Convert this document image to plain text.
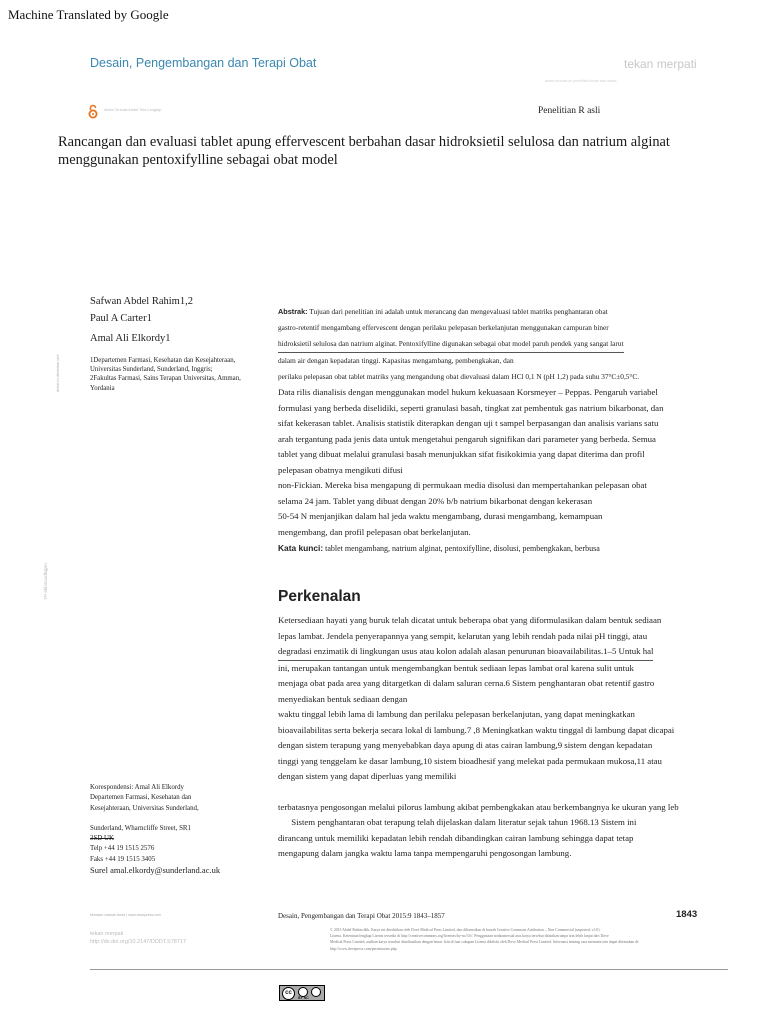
Machine Translated by Google
Desain, Pengembangan dan Terapi Obat	tekan merpati
akses terbuka ke penelitian ilmiah dan medis
Akses Terbuka Artikel Teks Lengkap	Penelitian R asli
Rancangan dan evaluasi tablet apung effervescent berbahan dasar hidroksietil selulosa dan natrium alginat menggunakan pentoxifylline sebagai obat model
Safwan Abdel Rahim1,2
Paul A Carter1
Amal Ali Elkordy1
1Departemen Farmasi, Kesehatan dan Kesejahteraan, Universitas Sunderland, Sunderland, Inggris;
2Fakultas Farmasi, Sains Terapan Universitas, Amman, Yordania
Artikel ini diterbitkan oleh
YP-ekbutuxdkqpm
Abstrak: Tujuan dari penelitian ini adalah untuk merancang dan mengevaluasi tablet matriks penghantaran obat
gastro-retentif mengambang effervescent dengan perilaku pelepasan berkelanjutan menggunakan campuran biner
hidroksietil selulosa dan natrium alginat. Pentoxifylline digunakan sebagai obat model paruh pendek yang sangat larut
dalam air dengan kepadatan tinggi. Kapasitas mengambang, pembengkakan, dan
perilaku pelepasan obat tablet matriks yang mengandung obat dievaluasi dalam HCl 0,1 N (pH 1,2) pada suhu 37°C±0,5°C.
Data rilis dianalisis dengan menggunakan model hukum kekuasaan Korsmeyer – Peppas. Pengaruh variabel
formulasi yang berbeda diselidiki, seperti granulasi basah, tingkat zat pembentuk gas natrium bikarbonat, dan
sifat kekerasan tablet. Analisis statistik diterapkan dengan uji t sampel berpasangan dan analisis varians satu
arah tergantung pada jenis data untuk mengetahui pengaruh signifikan dari parameter yang berbeda. Semua
tablet yang dibuat melalui granulasi basah menunjukkan sifat fisikokimia yang dapat diterima dan profil
pelepasan obatnya mengikuti difusi
non-Fickian. Mereka bisa mengapung di permukaan media disolusi dan mempertahankan pelepasan obat
selama 24 jam. Tablet yang dibuat dengan 20% b/b natrium bikarbonat dengan kekerasan
50-54 N menjanjikan dalam hal jeda waktu mengambang, durasi mengambang, kemampuan
mengembang, dan profil pelepasan obat berkelanjutan.
Kata kunci: tablet mengambang, natrium alginat, pentoxifylline, disolusi, pembengkakan, berbusa
Perkenalan
Ketersediaan hayati yang buruk telah dicatat untuk beberapa obat yang diformulasikan dalam bentuk sediaan
lepas lambat. Jendela penyerapannya yang sempit, kelarutan yang lebih rendah pada nilai pH tinggi, atau
degradasi enzimatik di lingkungan usus atau kolon adalah alasan penurunan bioavailabilitas.1–5 Untuk hal
ini, merupakan tantangan untuk mengembangkan bentuk sediaan lepas lambat oral karena sulit untuk
menjaga obat pada area yang ditargetkan di dalam saluran cerna.6 Sistem penghantaran obat retentif gastro
menyediakan bentuk sediaan dengan
waktu tinggal lebih lama di lambung dan perilaku pelepasan berkelanjutan, yang dapat meningkatkan
bioavailabilitas serta bekerja secara lokal di lambung.7 ,8 Meningkatkan waktu tinggal di lambung dapat dicapai
dengan sistem terapung yang menyebabkan daya apung di atas cairan lambung,9 sistem dengan kepadatan
tinggi yang tenggelam ke dasar lambung,10 sistem bioadhesif yang melekat pada permukaan mukosa,11 atau
dengan sistem yang dapat diperluas yang memiliki
terbatasnya pengosongan melalui pilorus lambung akibat pembengkakan atau berkembangnya ke ukuran yang leb
Sistem penghantaran obat terapung telah dijelaskan dalam literatur sejak tahun 1968.13 Sistem ini
dirancang untuk memiliki kepadatan lebih rendah dibandingkan cairan lambung sehingga dapat tetap
mengapung dalam jangka waktu lama tanpa mempengaruhi pengosongan lambung.
Korespondensi: Amal Ali Elkordy
Departemen Farmasi, Kesehatan dan
Kesejahteraan, Universitas Sunderland,
Sunderland, Wharncliffe Street, SR1
3SD UK
Telp +44 19 1515 2576
Faks +44 19 1515 3405
Surel amal.elkordy@sunderland.ac.uk
kirimkan naskah Anda | www.dovepress.com
tekan merpati
http://dx.doi.org/10.2147/DDDT.S78717
Desain, Pengembangan dan Terapi Obat 2015:9 1843–1857	1843
© 2015 Abdel Rahim dkk. Karya ini diterbitkan oleh Dove Medical Press Limited, dan dilisensikan di bawah Creative Commons Attribution – Non Commercial (unported, v3.0)
Lisensi. Ketentuan lengkap Lisensi tersedia di http://creativecommons.org/licenses/by-nc/3.0/. Penggunaan nonkomersial atas karya tersebut diizinkan tanpa izin lebih lanjut dari Dove
Medical Press Limited, asalkan karya tersebut diatribusikan dengan benar. Izin di luar cakupan Lisensi dikelola oleh Dove Medical Press Limited. Informasi tentang cara meminta izin dapat ditemukan di:
http://www.dovepress.com/permissions.php
cc
BY NC
